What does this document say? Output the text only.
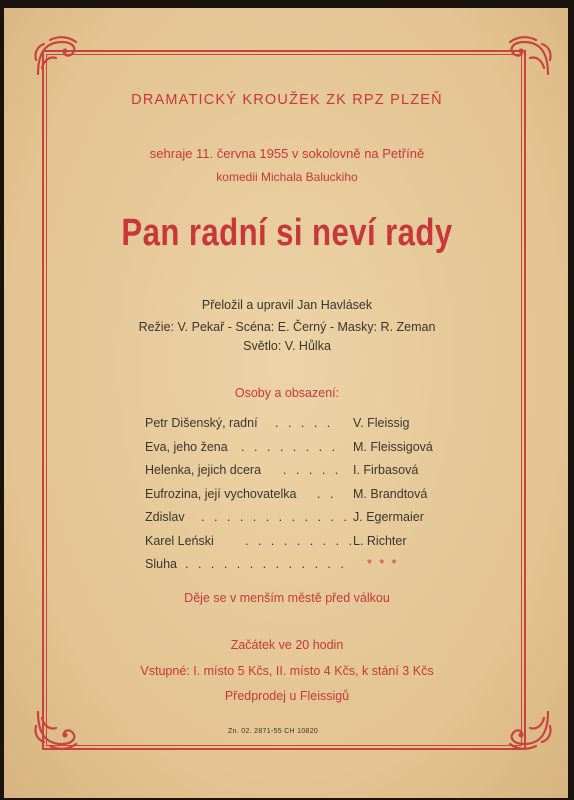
DRAMATICKÝ KROUŽEK ZK RPZ PLZEŇ
sehraje 11. června 1955 v sokolovně na Petříně
komedii Michala Baluckiho
Pan radní si neví rady
Přeložil a upravil Jan Havlásek
Režie: V. Pekař - Scéna: E. Černý - Masky: R. Zeman
Světlo: V. Hůlka
Osoby a obsazení:
Petr Dišenský, radní . . . . . V. Fleissig
Eva, jeho žena . . . . . . . . M. Fleissigová
Helenka, jejich dcera . . . . . I. Firbasová
Eufrozina, její vychovatelka . . M. Brandtová
Zdislav . . . . . . . . . . . . J. Egermaier
Karel Leński . . . . . . . . .
L. Richter
Sluha . . . . . . . . . . . . . * * *
Děje se v menším městě před válkou
Začátek ve 20 hodin
Vstupné: I. místo 5 Kčs, II. místo 4 Kčs, k stání 3 Kčs
Předprodej u Fleissigů
Zn. 02. 2871-55 CH 10820
